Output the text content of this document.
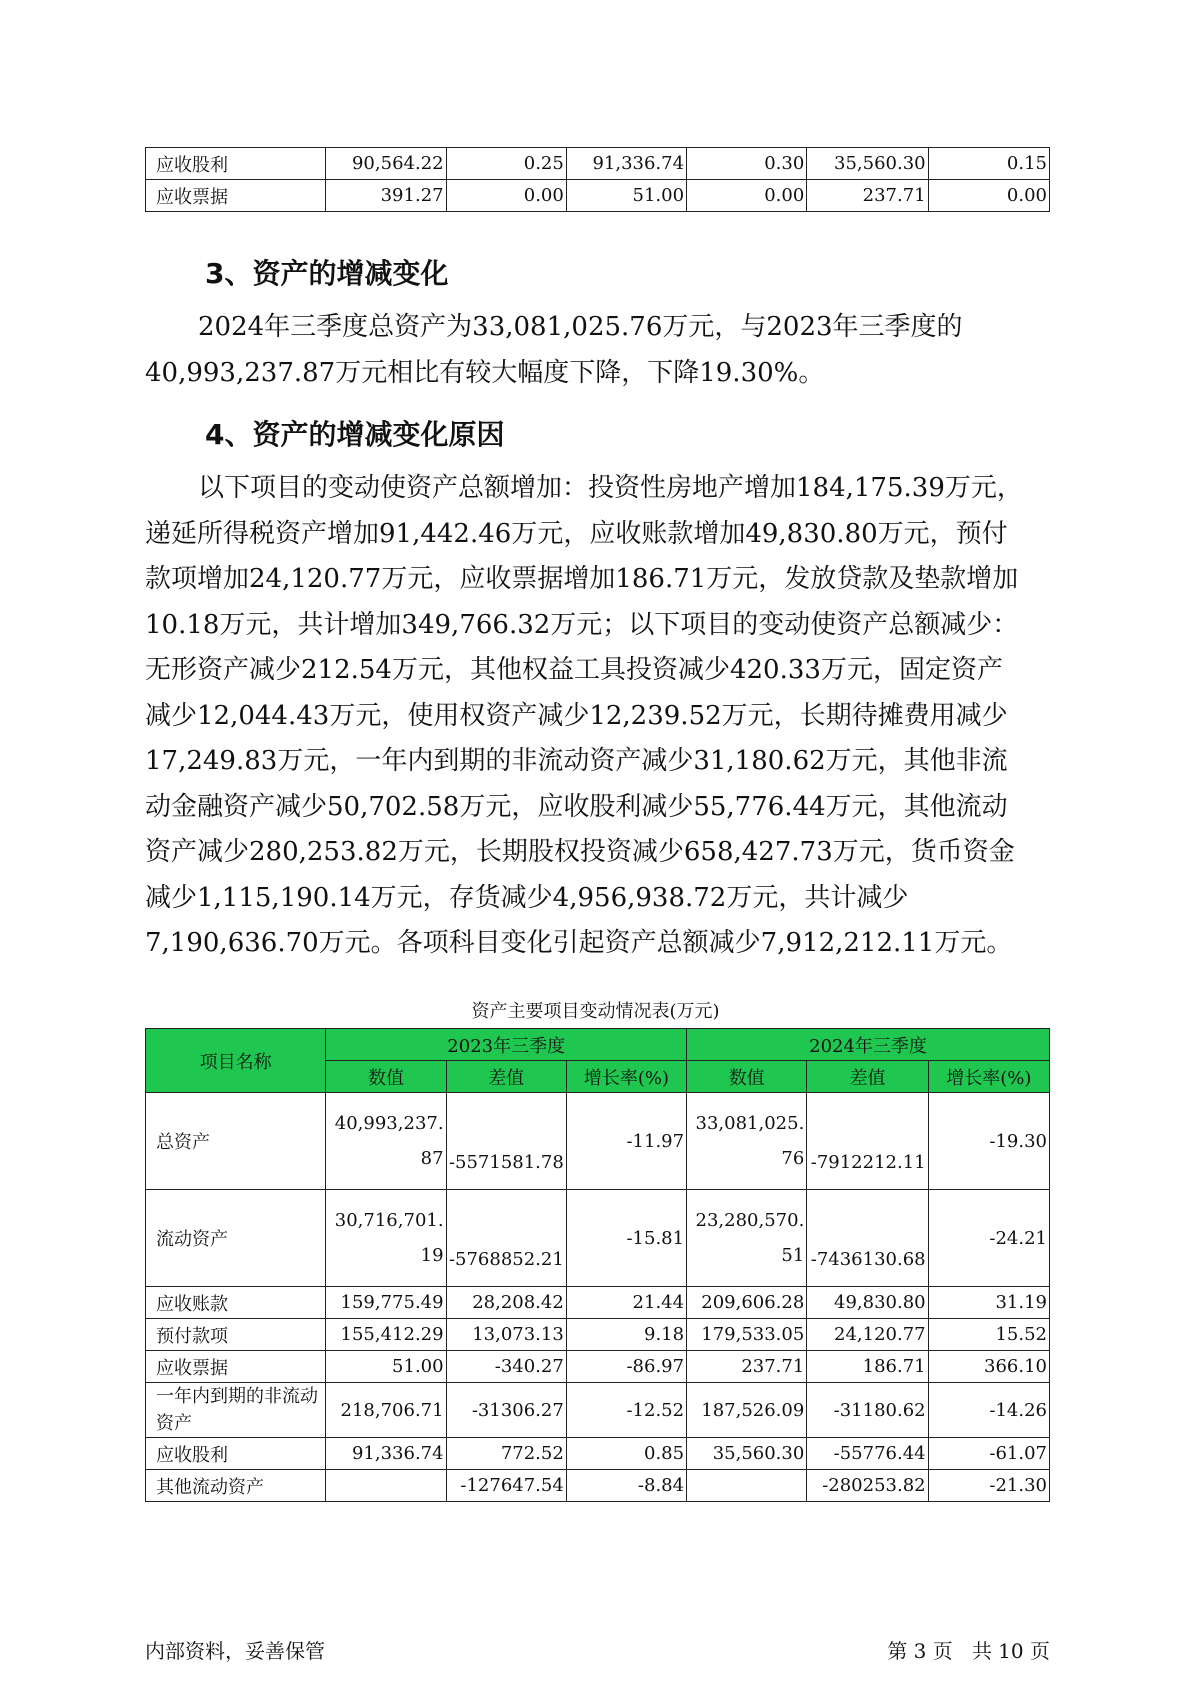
应收股利	90,564.22	0.25	91,336.74	0.30	35,560.30	0.15
应收票据	391.27	0.00	51.00	0.00	237.71	0.00
3、资产的增减变化

2024年三季度总资产为33,081,025.76万元，与2023年三季度的
40,993,237.87万元相比有较大幅度下降，下降19.30%。

4、资产的增减变化原因

以下项目的变动使资产总额增加：投资性房地产增加184,175.39万元，
递延所得税资产增加91,442.46万元，应收账款增加49,830.80万元，预付
款项增加24,120.77万元，应收票据增加186.71万元，发放贷款及垫款增加
10.18万元，共计增加349,766.32万元；以下项目的变动使资产总额减少：
无形资产减少212.54万元，其他权益工具投资减少420.33万元，固定资产
减少12,044.43万元，使用权资产减少12,239.52万元，长期待摊费用减少
17,249.83万元，一年内到期的非流动资产减少31,180.62万元，其他非流
动金融资产减少50,702.58万元，应收股利减少55,776.44万元，其他流动
资产减少280,253.82万元，长期股权投资减少658,427.73万元，货币资金
减少1,115,190.14万元，存货减少4,956,938.72万元，共计减少
7,190,636.70万元。各项科目变化引起资产总额减少7,912,212.11万元。

资产主要项目变动情况表(万元)
项目名称	2023年三季度			2024年三季度		
	数值	差值	增长率(%)	数值	差值	增长率(%)
总资产	40,993,237.87	-5571581.78	-11.97	33,081,025.76	-7912212.11	-19.30
流动资产	30,716,701.19	-5768852.21	-15.81	23,280,570.51	-7436130.68	-24.21
应收账款	159,775.49	28,208.42	21.44	209,606.28	49,830.80	31.19
预付款项	155,412.29	13,073.13	9.18	179,533.05	24,120.77	15.52
应收票据	51.00	-340.27	-86.97	237.71	186.71	366.10

一年内到期的非流动资产	218,706.71	-31306.27	-12.52	187,526.09	-31180.62	-14.26
应收股利	91,336.74	772.52	0.85	35,560.30	-55776.44	-61.07
其他流动资产		-127647.54	-8.84		-280253.82	-21.30
内部资料，妥善保管	第 3 页   共 10 页
